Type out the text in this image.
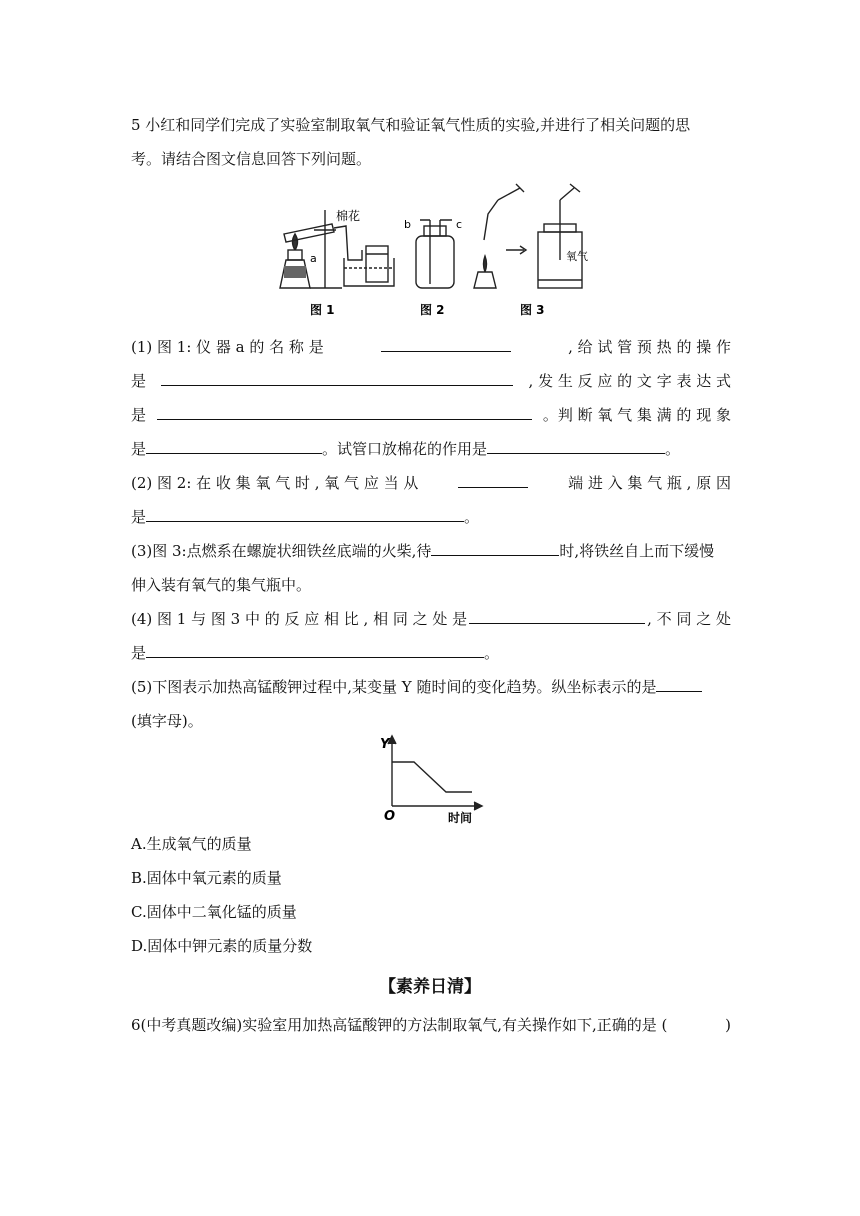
5 小红和同学们完成了实验室制取氧气和验证氧气性质的实验,并进行了相关问题的思
考。请结合图文信息回答下列问题。
棉花
a
b	c
氧气
图 1	图 2	图 3
(1) 图 1: 仪 器 a 的 名 称 是	, 给 试 管 预 热 的 操 作
是	, 发 生 反 应 的 文 字 表 达 式
是	。判 断 氧 气 集 满 的 现 象
是	。试管口放棉花的作用是	。
(2) 图 2: 在 收 集 氧 气 时 , 氧 气 应 当 从	端 进 入 集 气 瓶 , 原 因
是	。
(3)图 3:点燃系在螺旋状细铁丝底端的火柴,待	时,将铁丝自上而下缓慢
伸入装有氧气的集气瓶中。
(4) 图 1 与 图 3 中 的 反 应 相 比 , 相 同 之 处 是	, 不 同 之 处
是	。
(5)下图表示加热高锰酸钾过程中,某变量 Y 随时间的变化趋势。纵坐标表示的是
(填字母)。
Y
O	时间
A.生成氧气的质量
B.固体中氧元素的质量
C.固体中二氧化锰的质量
D.固体中钾元素的质量分数
【素养日清】
6(中考真题改编)实验室用加热高锰酸钾的方法制取氧气,有关操作如下,正确的是 (	)
